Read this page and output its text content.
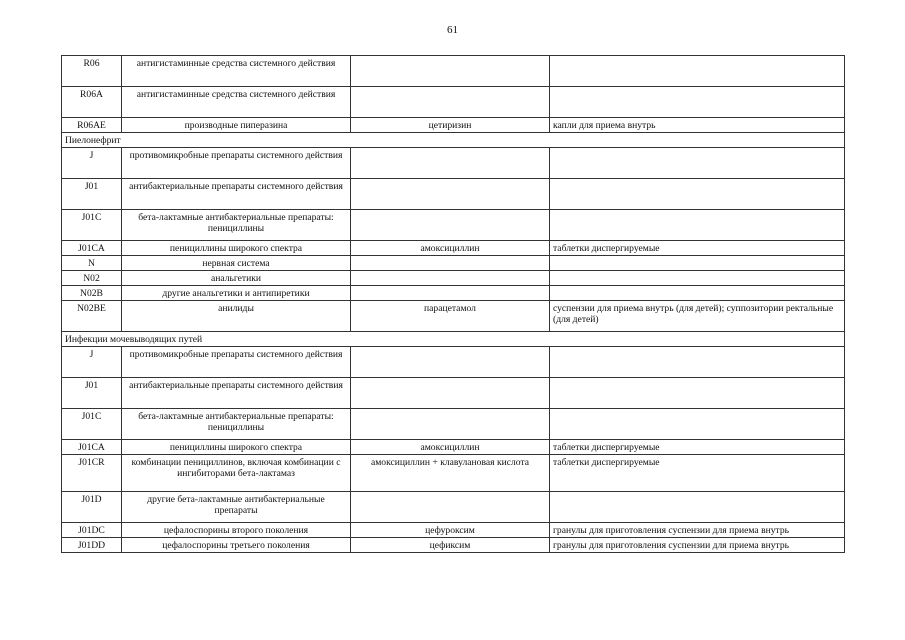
61
R06	антигистаминные средства системного действия		
R06A	антигистаминные средства системного действия		
R06AE	производные пиперазина	цетиризин	капли для приема внутрь
Пиелонефрит			
J	противомикробные препараты системного действия		
J01	антибактериальные препараты системного действия		
J01C	бета-лактамные антибактериальные препараты: пенициллины		
J01CA	пенициллины широкого спектра	амоксициллин	таблетки диспергируемые
N	нервная система		
N02	анальгетики		
N02B	другие анальгетики и антипиретики		
N02BE	анилиды	парацетамол	суспензии для приема внутрь (для детей); суппозитории ректальные (для детей)
Инфекции мочевыводящих путей			
J	противомикробные препараты системного действия		
J01	антибактериальные препараты системного действия		
J01C	бета-лактамные антибактериальные препараты: пенициллины		
J01CA	пенициллины широкого спектра	амоксициллин	таблетки диспергируемые
J01CR	комбинации пенициллинов, включая комбинации с ингибиторами бета-лактамаз	амоксициллин + клавулановая кислота	таблетки диспергируемые
J01D	другие бета-лактамные антибактериальные препараты		
J01DC	цефалоспорины второго поколения	цефуроксим	гранулы для приготовления суспензии для приема внутрь
J01DD	цефалоспорины третьего поколения	цефиксим	гранулы для приготовления суспензии для приема внутрь
